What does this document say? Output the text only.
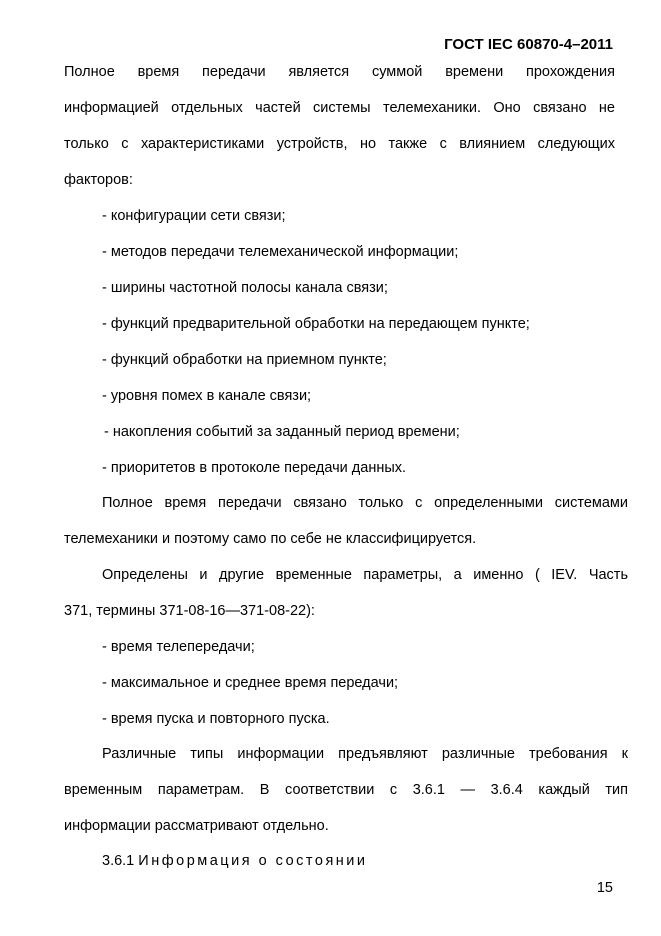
ГОСТ IEC 60870-4–2011
Полное время передачи является суммой времени прохождения
информацией отдельных частей системы телемеханики. Оно связано не
только с характеристиками устройств, но также с влиянием следующих
факторов:
- конфигурации сети связи;
- методов передачи телемеханической информации;
- ширины частотной полосы канала связи;
- функций предварительной обработки на передающем пункте;
- функций обработки на приемном пункте;
- уровня помех в канале связи;
- накопления событий за заданный период времени;
- приоритетов в протоколе передачи данных.
Полное время передачи связано только с определенными системами
телемеханики и поэтому само по себе не классифицируется.
Определены и другие временные параметры, а именно ( IEV. Часть
371, термины 371-08-16—371-08-22):
- время телепередачи;
- максимальное и среднее время передачи;
- время пуска и повторного пуска.
Различные типы информации предъявляют различные требования к
временным параметрам. В соответствии с 3.6.1 — 3.6.4 каждый тип
информации рассматривают отдельно.
3.6.1 Информация о состоянии
15
